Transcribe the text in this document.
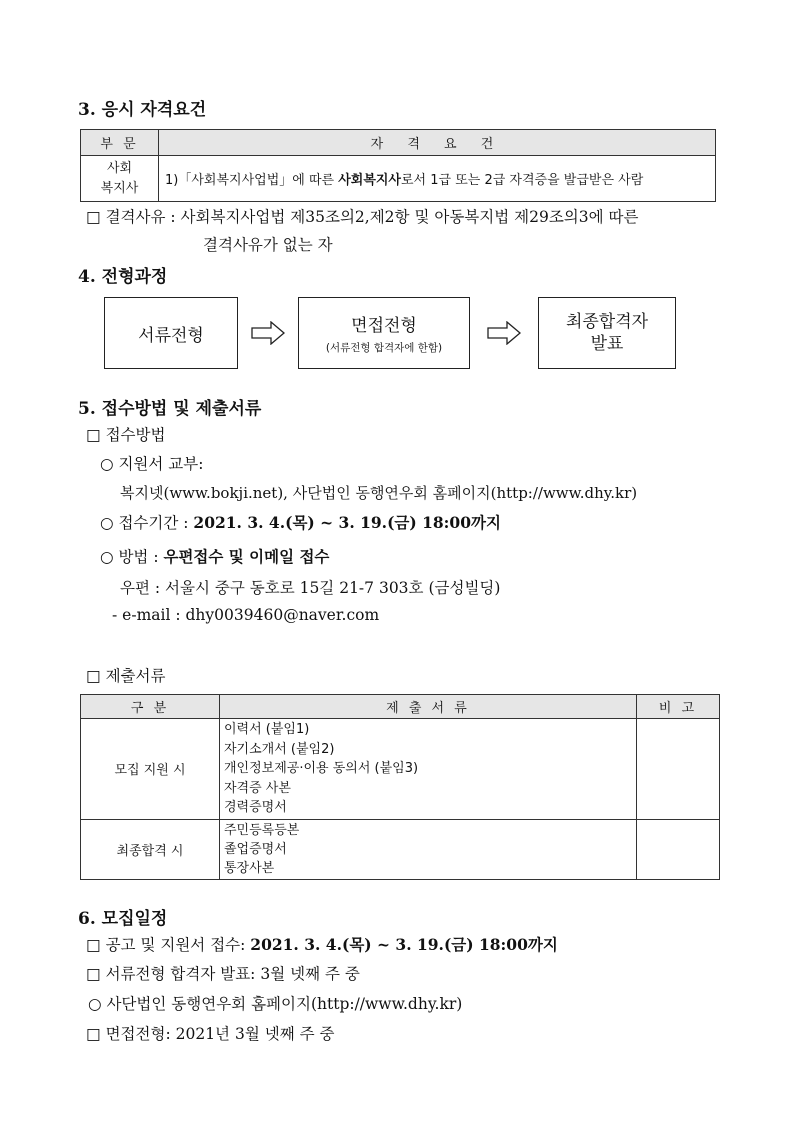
3. 응시 자격요건
부 문	자 격 요 건
사회
복지사	1)「사회복지사업법」에 따른 사회복지사로서 1급 또는 2급 자격증을 발급받은 사람
□ 결격사유 : 사회복지사업법 제35조의2,제2항 및 아동복지법 제29조의3에 따른
결격사유가 없는 자
4. 전형과정
서류전형	면접전형
(서류전형 합격자에 한함)
최종합격자
발표
5. 접수방법 및 제출서류
□ 접수방법
○ 지원서 교부:
복지넷(www.bokji.net), 사단법인 동행연우회 홈페이지(http://www.dhy.kr)
○ 접수기간 : 2021. 3. 4.(목) ~ 3. 19.(금) 18:00까지
○ 방법 : 우편접수 및 이메일 접수
우편 : 서울시 중구 동호로 15길 21-7 303호 (금성빌딩)
- e-mail : dhy0039460@naver.com
□ 제출서류
구 분	제 출 서 류	비 고
모집 지원 시	이력서 (붙임1)
자기소개서 (붙임2)
개인정보제공·이용 동의서 (붙임3)
자격증 사본
경력증명서	

최종합격 시	주민등록등본
졸업증명서
통장사본	

6. 모집일정
□ 공고 및 지원서 접수: 2021. 3. 4.(목) ~ 3. 19.(금) 18:00까지
□ 서류전형 합격자 발표: 3월 넷째 주 중
○ 사단법인 동행연우회 홈페이지(http://www.dhy.kr)
□ 면접전형: 2021년 3월 넷째 주 중
